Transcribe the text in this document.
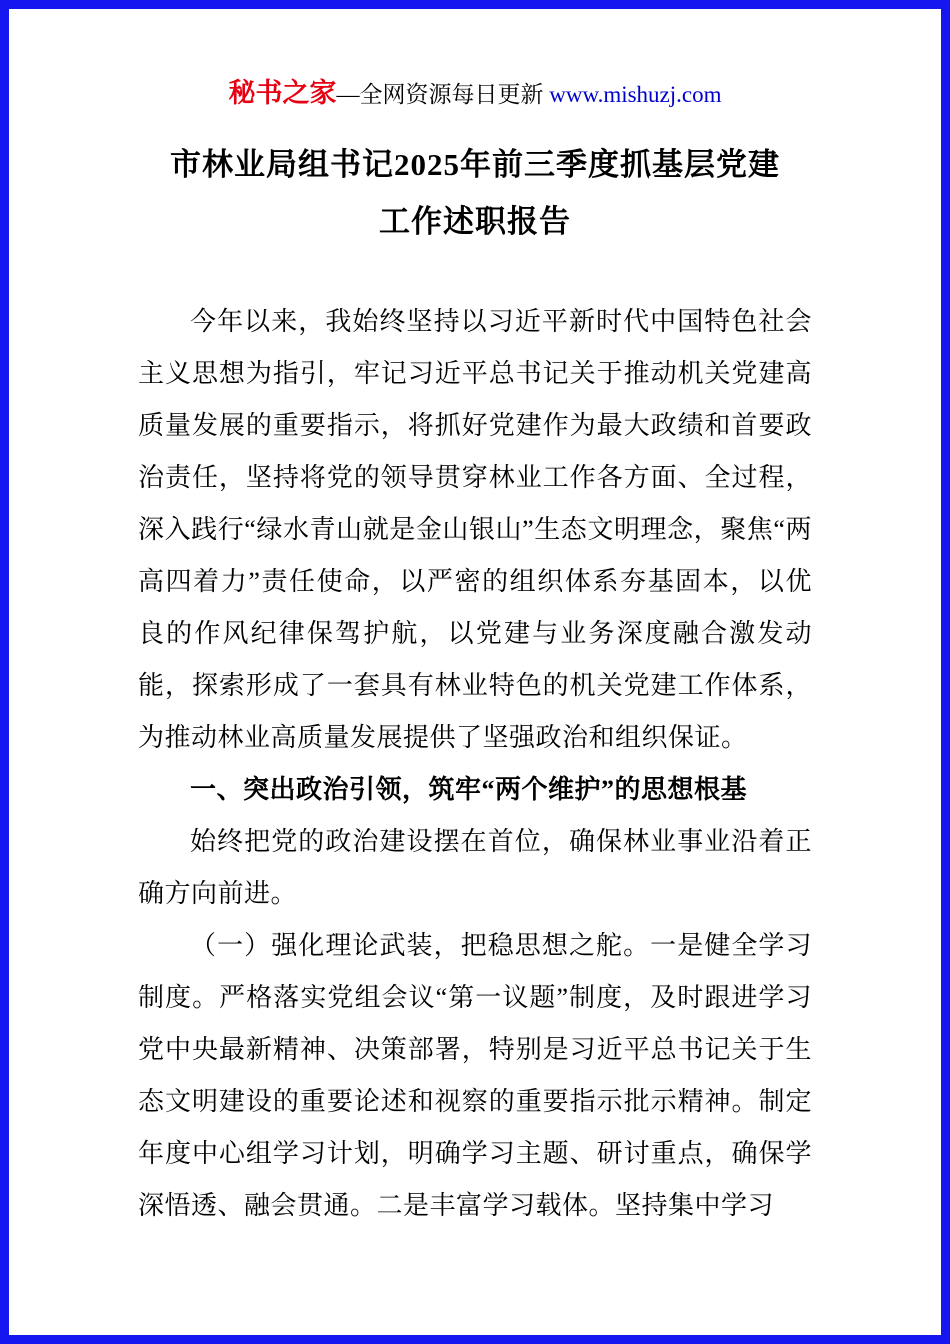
秘书之家—全网资源每日更新 www.mishuzj.com
市林业局组书记2025年前三季度抓基层党建
工作述职报告

今年以来，我始终坚持以习近平新时代中国特色社会主义思想为指引，牢记习近平总书记关于推动机关党建高质量发展的重要指示，将抓好党建作为最大政绩和首要政治责任，坚持将党的领导贯穿林业工作各方面、全过程，深入践行“绿水青山就是金山银山”生态文明理念，聚焦“两高四着力”责任使命，以严密的组织体系夯基固本，以优良的作风纪律保驾护航，以党建与业务深度融合激发动能，探索形成了一套具有林业特色的机关党建工作体系，为推动林业高质量发展提供了坚强政治和组织保证。

一、突出政治引领，筑牢“两个维护”的思想根基

始终把党的政治建设摆在首位，确保林业事业沿着正确方向前进。

（一）强化理论武装，把稳思想之舵。一是健全学习制度。严格落实党组会议“第一议题”制度，及时跟进学习党中央最新精神、决策部署，特别是习近平总书记关于生态文明建设的重要论述和视察的重要指示批示精神。制定年度中心组学习计划，明确学习主题、研讨重点，确保学深悟透、融会贯通。二是丰富学习载体。坚持集中学习
